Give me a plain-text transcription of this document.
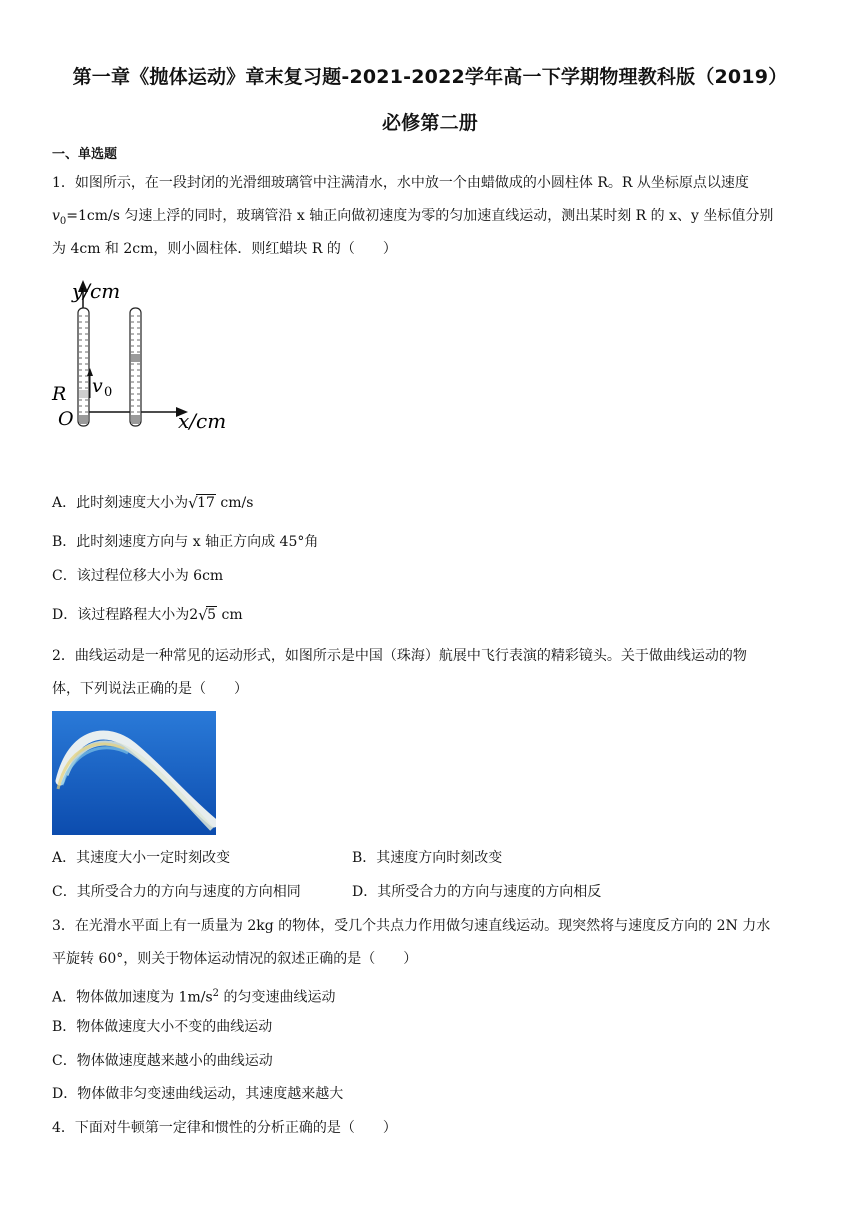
第一章《抛体运动》章末复习题-2021-2022学年高一下学期物理教科版（2019）
必修第二册
一、单选题
1．如图所示，在一段封闭的光滑细玻璃管中注满清水，水中放一个由蜡做成的小圆柱体 R。R 从坐标原点以速度
$v_0=1cm/s$ 匀速上浮的同时，玻璃管沿 x 轴正向做初速度为零的匀加速直线运动，测出某时刻 R 的 x、y 坐标值分别
为 4cm 和 2cm，则小圆柱体．则红蜡块 R 的（　　）
y/cm
x/cm
O
R v 0
A．此时刻速度大小为 √ 17 cm/s
B．此时刻速度方向与 x 轴正方向成 45°角
C．该过程位移大小为 6cm
D．该过程路程大小为2 √ 5 cm
2．曲线运动是一种常见的运动形式，如图所示是中国（珠海）航展中飞行表演的精彩镜头。关于做曲线运动的物
体，下列说法正确的是（　　）
A．其速度大小一定时刻改变	B．其速度方向时刻改变
C．其所受合力的方向与速度的方向相同	D．其所受合力的方向与速度的方向相反
3．在光滑水平面上有一质量为 2kg 的物体，受几个共点力作用做匀速直线运动。现突然将与速度反方向的 2N 力水
平旋转 60°，则关于物体运动情况的叙述正确的是（　　）
A．物体做加速度为 $1m/s^2$ 的匀变速曲线运动
B．物体做速度大小不变的曲线运动
C．物体做速度越来越小的曲线运动
D．物体做非匀变速曲线运动，其速度越来越大
4．下面对牛顿第一定律和惯性的分析正确的是（　　）
